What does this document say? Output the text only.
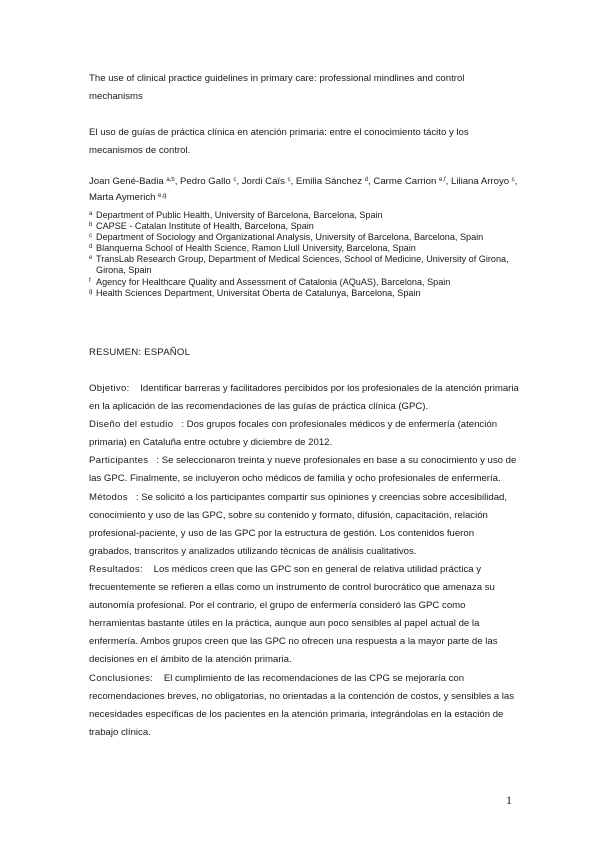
The use of clinical practice guidelines in primary care: professional mindlines and control mechanisms
El uso de guías de práctica clínica en atención primaria: entre el conocimiento tácito y los mecanismos de control.
Joan Gené-Badia $^{a,b}$, Pedro Gallo $^c$, Jordi Caïs $^c$, Emilia Sánchez $^d$, Carme Carrion $^{e,f}$, Liliana Arroyo $^c$, Marta Aymerich $^{e,g}$
a Department of Public Health, University of Barcelona, Barcelona, Spain
b CAPSE - Catalan Institute of Health, Barcelona, Spain
c Department of Sociology and Organizational Analysis, University of Barcelona, Barcelona, Spain
d Blanquerna School of Health Science, Ramon Llull University, Barcelona, Spain
e TransLab Research Group, Department of Medical Sciences, School of Medicine, University of Girona, Girona, Spain
f Agency for Healthcare Quality and Assessment of Catalonia (AQuAS), Barcelona, Spain
g Health Sciences Department, Universitat Oberta de Catalunya, Barcelona, Spain
RESUMEN: ESPAÑOL
Objetivo: Identificar barreras y facilitadores percibidos por los profesionales de la atención primaria en la aplicación de las recomendaciones de las guías de práctica clínica (GPC).
Diseño del estudio   : Dos grupos focales con profesionales médicos y de enfermería (atención primaria) en Cataluña entre octubre y diciembre de 2012.
Participantes   : Se seleccionaron treinta y nueve profesionales en base a su conocimiento y uso de las GPC. Finalmente, se incluyeron ocho médicos de familia y ocho profesionales de enfermería.
Métodos   : Se solicitó a los participantes compartir sus opiniones y creencias sobre accesibilidad, conocimiento y uso de las GPC, sobre su contenido y formato, difusión, capacitación, relación profesional-paciente, y uso de las GPC por la estructura de gestión. Los contenidos fueron grabados, transcritos y analizados utilizando técnicas de análisis cualitativos.
Resultados: Los médicos creen que las GPC son en general de relativa utilidad práctica y frecuentemente se refieren a ellas como un instrumento de control burocrático que amenaza su autonomía profesional. Por el contrario, el grupo de enfermería consideró las GPC como herramientas bastante útiles en la práctica, aunque aun poco sensibles al papel actual de la enfermería. Ambos grupos creen que las GPC no ofrecen una respuesta a la mayor parte de las decisiones en el ámbito de la atención primaria.
Conclusiones: El cumplimiento de las recomendaciones de las CPG se mejoraría con recomendaciones breves, no obligatorias, no orientadas a la contención de costos, y sensibles a las necesidades específicas de los pacientes en la atención primaria, integrándolas en la estación de trabajo clínica.
1
